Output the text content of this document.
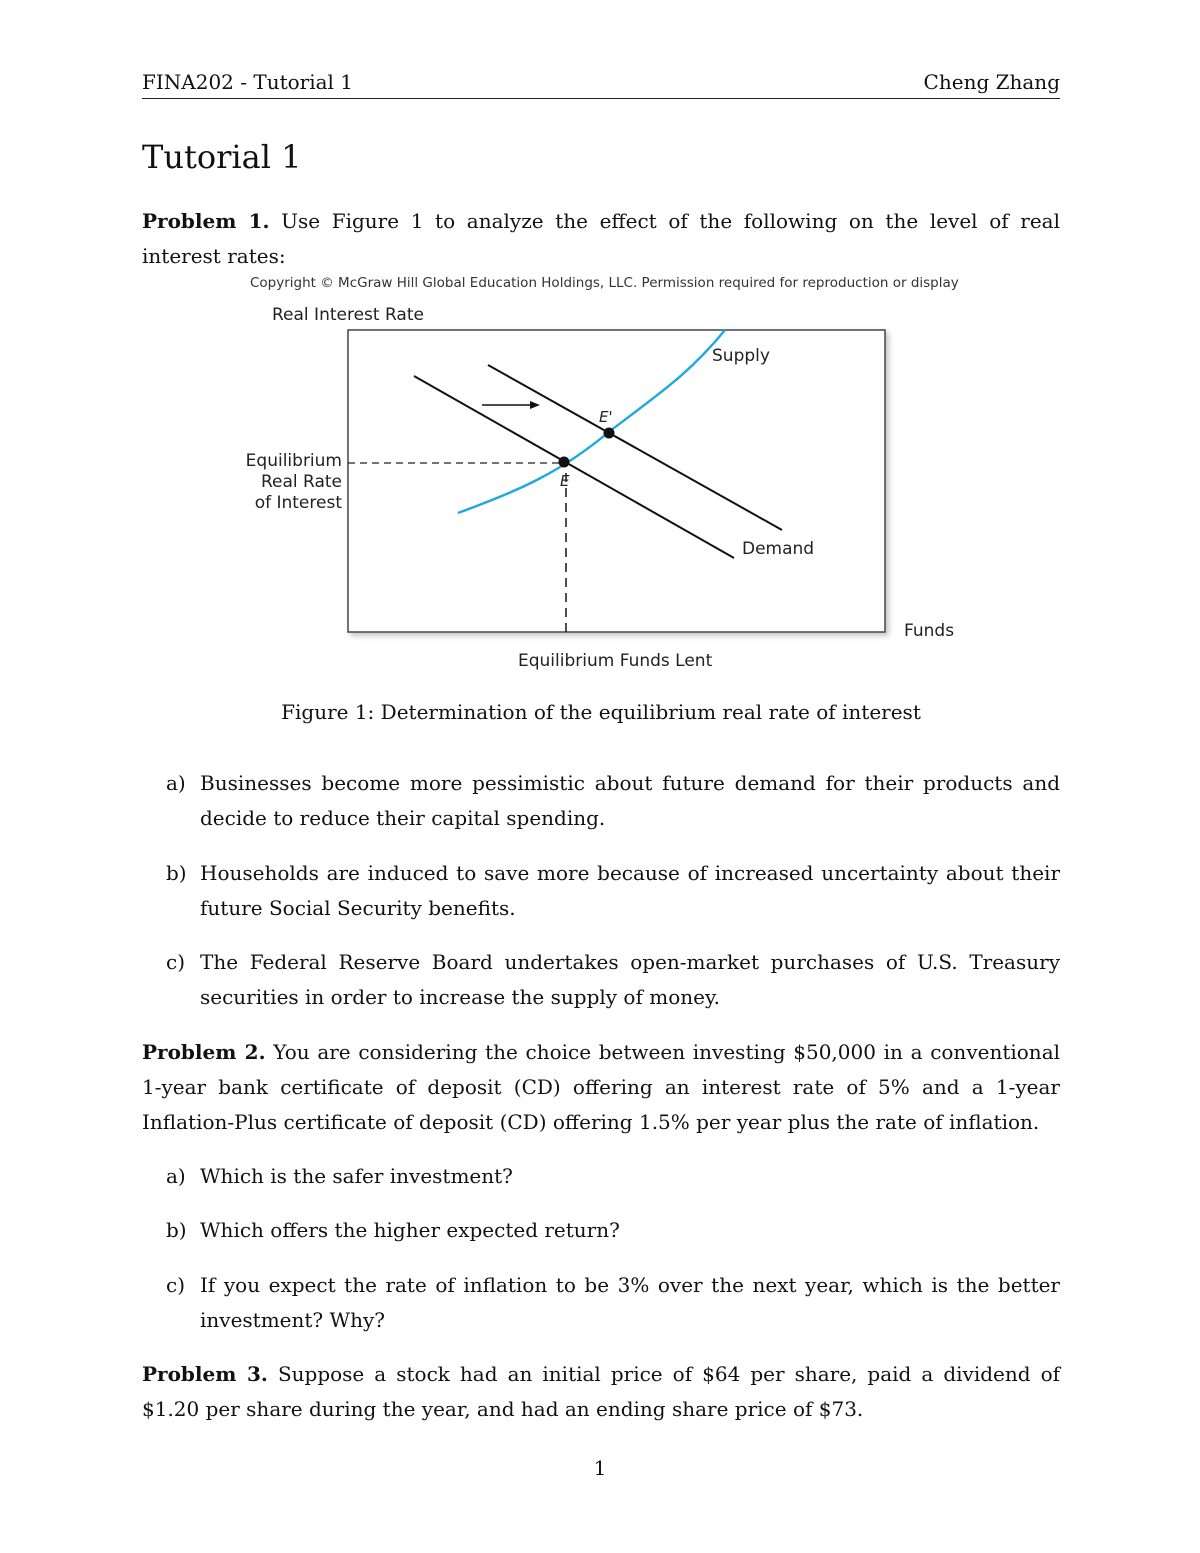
FINA202 - Tutorial 1	Cheng Zhang
Tutorial 1

Problem 1. Use Figure 1 to analyze the effect of the following on the level of real interest rates:

Copyright © McGraw Hill Global Education Holdings, LLC. Permission required for reproduction or display
Real Interest Rate
E
E'
Supply
Demand
Equilibrium
Real Rate
of Interest
Funds
Equilibrium Funds Lent
Figure 1: Determination of the equilibrium real rate of interest
a) Businesses become more pessimistic about future demand for their products and decide to reduce their capital spending.
b) Households are induced to save more because of increased uncertainty about their future Social Security benefits.
c) The Federal Reserve Board undertakes open-market purchases of U.S. Treasury securities in order to increase the supply of money.

Problem 2. You are considering the choice between investing $50,000 in a conventional 1-year bank certificate of deposit (CD) offering an interest rate of 5% and a 1-year Inflation-Plus certificate of deposit (CD) offering 1.5% per year plus the rate of inflation.

a) Which is the safer investment?
b) Which offers the higher expected return?
c) If you expect the rate of inflation to be 3% over the next year, which is the better investment? Why?

Problem 3. Suppose a stock had an initial price of $64 per share, paid a dividend of $1.20 per share during the year, and had an ending share price of $73.

1
